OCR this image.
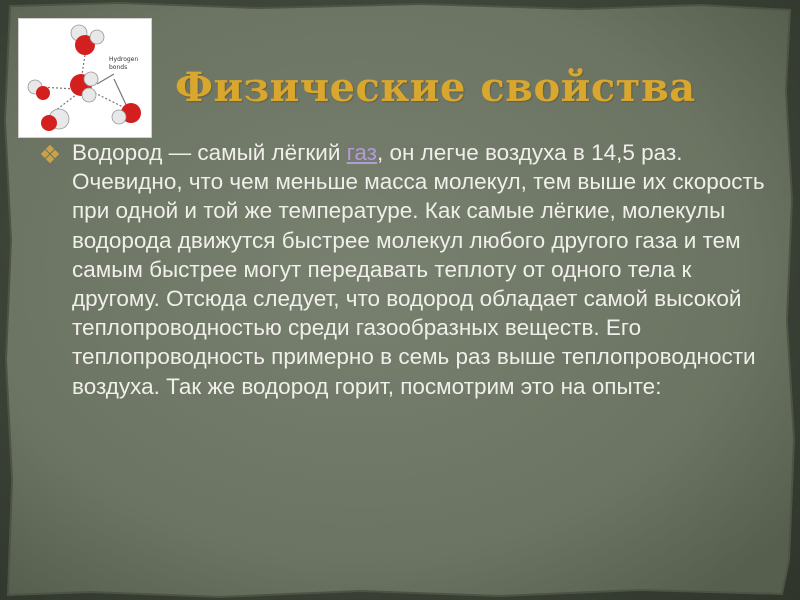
Hydrogen
bonds Физические свойства
Водород — самый лёгкий газ, он легче воздуха в 14,5 раз. Очевидно, что чем меньше масса молекул, тем выше их скорость при одной и той же температуре. Как самые лёгкие, молекулы водорода движутся быстрее молекул любого другого газа и тем самым быстрее могут передавать теплоту от одного тела к другому. Отсюда следует, что водород обладает самой высокой теплопроводностью среди газообразных веществ. Его теплопроводность примерно в семь раз выше теплопроводности воздуха. Так же водород горит, посмотрим это на опыте:
